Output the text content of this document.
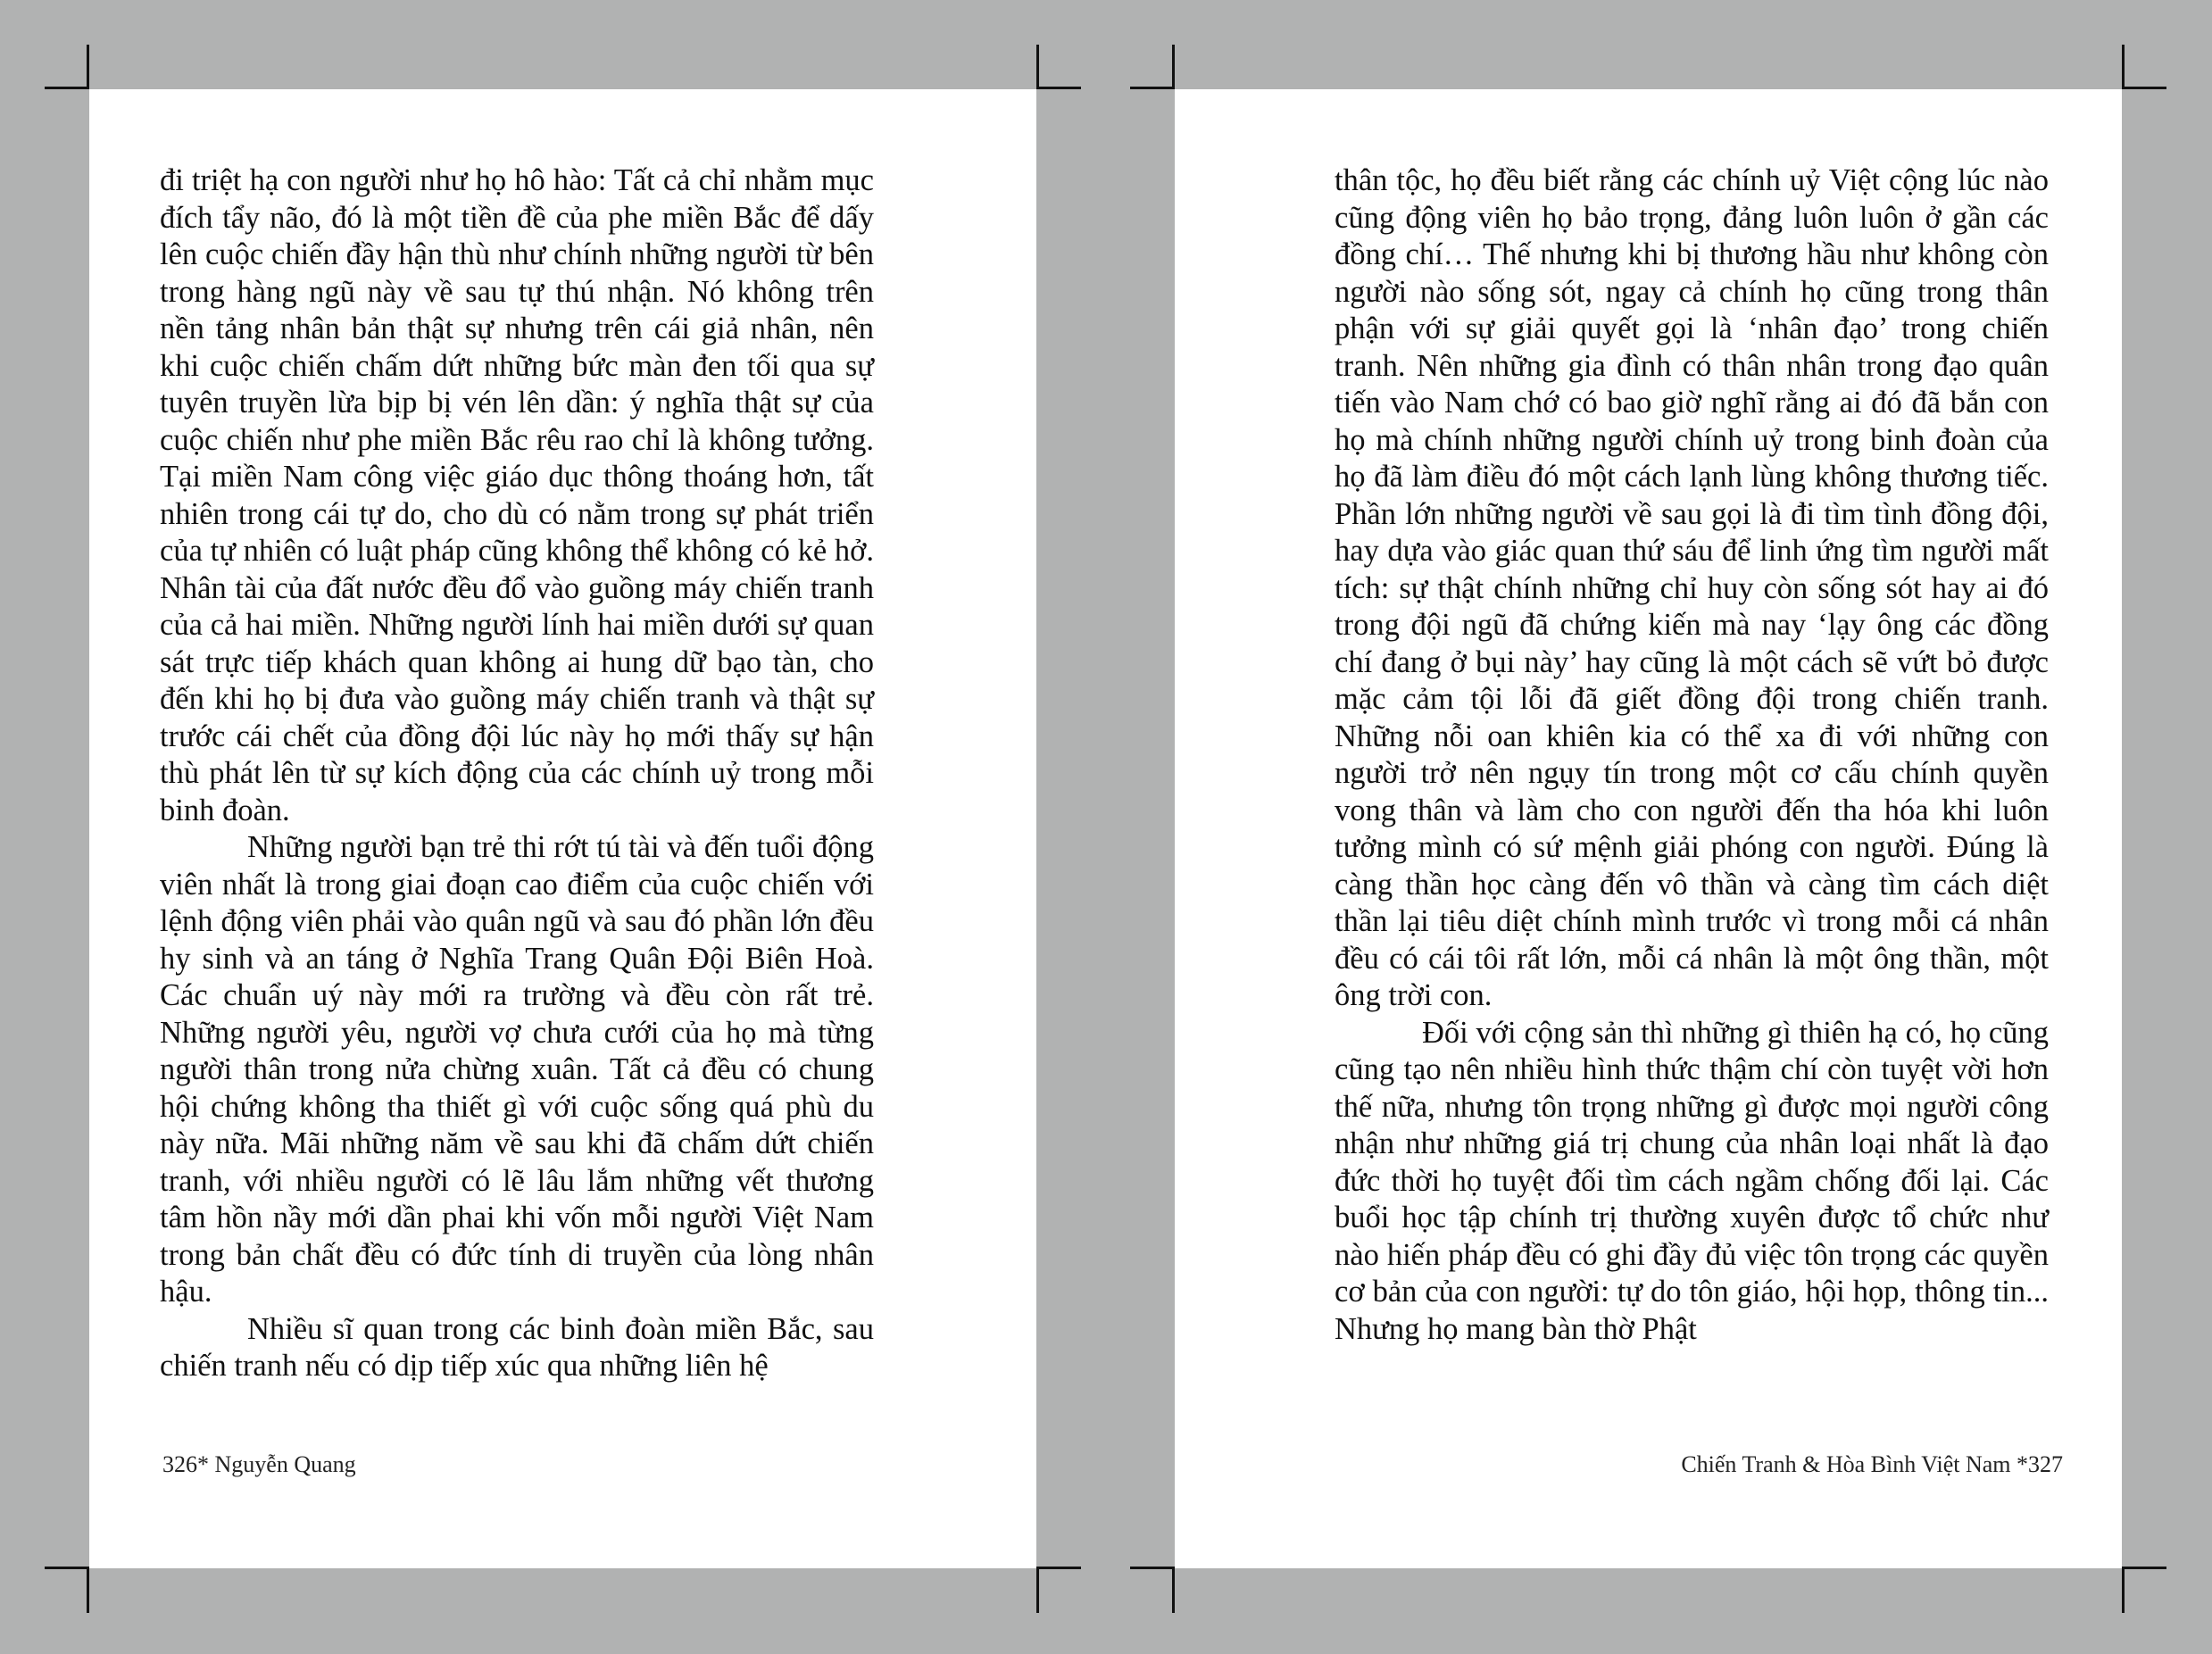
đi triệt hạ con người như họ hô hào: Tất cả chỉ nhằm mục đích tẩy não, đó là một tiền đề của phe miền Bắc để dấy lên cuộc chiến đầy hận thù như chính những người từ bên trong hàng ngũ này về sau tự thú nhận. Nó không trên nền tảng nhân bản thật sự nhưng trên cái giả nhân, nên khi cuộc chiến chấm dứt những bức màn đen tối qua sự tuyên truyền lừa bịp bị vén lên dần: ý nghĩa thật sự của cuộc chiến như phe miền Bắc rêu rao chỉ là không tưởng. Tại miền Nam công việc giáo dục thông thoáng hơn, tất nhiên trong cái tự do, cho dù có nằm trong sự phát triển của tự nhiên có luật pháp cũng không thể không có kẻ hở. Nhân tài của đất nước đều đổ vào guồng máy chiến tranh của cả hai miền. Những người lính hai miền dưới sự quan sát trực tiếp khách quan không ai hung dữ bạo tàn, cho đến khi họ bị đưa vào guồng máy chiến tranh và thật sự trước cái chết của đồng đội lúc này họ mới thấy sự hận thù phát lên từ sự kích động của các chính uỷ trong mỗi binh đoàn.

Những người bạn trẻ thi rớt tú tài và đến tuổi động viên nhất là trong giai đoạn cao điểm của cuộc chiến với lệnh động viên phải vào quân ngũ và sau đó phần lớn đều hy sinh và an táng ở Nghĩa Trang Quân Đội Biên Hoà. Các chuẩn uý này mới ra trường và đều còn rất trẻ. Những người yêu, người vợ chưa cưới của họ mà từng người thân trong nửa chừng xuân. Tất cả đều có chung hội chứng không tha thiết gì với cuộc sống quá phù du này nữa. Mãi những năm về sau khi đã chấm dứt chiến tranh, với nhiều người có lẽ lâu lắm những vết thương tâm hồn nầy mới dần phai khi vốn mỗi người Việt Nam trong bản chất đều có đức tính di truyền của lòng nhân hậu.

Nhiều sĩ quan trong các binh đoàn miền Bắc, sau chiến tranh nếu có dịp tiếp xúc qua những liên hệ

326* Nguyễn Quang

thân tộc, họ đều biết rằng các chính uỷ Việt cộng lúc nào cũng động viên họ bảo trọng, đảng luôn luôn ở gần các đồng chí… Thế nhưng khi bị thương hầu như không còn người nào sống sót, ngay cả chính họ cũng trong thân phận với sự giải quyết gọi là ‘nhân đạo’ trong chiến tranh. Nên những gia đình có thân nhân trong đạo quân tiến vào Nam chớ có bao giờ nghĩ rằng ai đó đã bắn con họ mà chính những người chính uỷ trong binh đoàn của họ đã làm điều đó một cách lạnh lùng không thương tiếc. Phần lớn những người về sau gọi là đi tìm tình đồng đội, hay dựa vào giác quan thứ sáu để linh ứng tìm người mất tích: sự thật chính những chỉ huy còn sống sót hay ai đó trong đội ngũ đã chứng kiến mà nay ‘lạy ông các đồng chí đang ở bụi này’ hay cũng là một cách sẽ vứt bỏ được mặc cảm tội lỗi đã giết đồng đội trong chiến tranh. Những nỗi oan khiên kia có thể xa đi với những con người trở nên ngụy tín trong một cơ cấu chính quyền vong thân và làm cho con người đến tha hóa khi luôn tưởng mình có sứ mệnh giải phóng con người. Đúng là càng thần học càng đến vô thần và càng tìm cách diệt thần lại tiêu diệt chính mình trước vì trong mỗi cá nhân đều có cái tôi rất lớn, mỗi cá nhân là một ông thần, một ông trời con.

Đối với cộng sản thì những gì thiên hạ có, họ cũng cũng tạo nên nhiều hình thức thậm chí còn tuyệt vời hơn thế nữa, nhưng tôn trọng những gì được mọi người công nhận như những giá trị chung của nhân loại nhất là đạo đức thời họ tuyệt đối tìm cách ngầm chống đối lại. Các buổi học tập chính trị thường xuyên được tổ chức như nào hiến pháp đều có ghi đầy đủ việc tôn trọng các quyền cơ bản của con người: tự do tôn giáo, hội họp, thông tin... Nhưng họ mang bàn thờ Phật

Chiến Tranh & Hòa Bình Việt Nam *327
